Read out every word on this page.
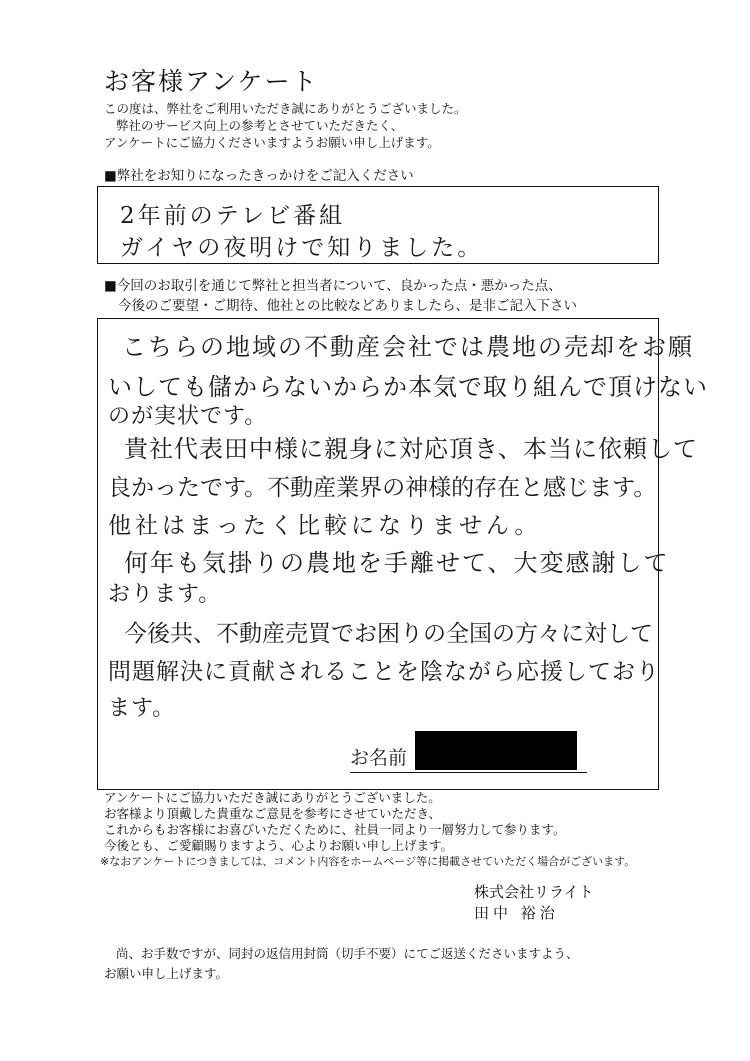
お客様アンケート
この度は、弊社をご利用いただき誠にありがとうございました。
弊社のサービス向上の参考とさせていただきたく、
アンケートにご協力くださいますようお願い申し上げます。
■弊社をお知りになったきっかけをご記入ください
2年前のテレビ番組
ガイヤの夜明けで知りました。
■今回のお取引を通じて弊社と担当者について、良かった点・悪かった点、
今後のご要望・ご期待、他社との比較などありましたら、是非ご記入下さい
こちらの地域の不動産会社では農地の売却をお願
いしても儲からないからか本気で取り組んで頂けない
のが実状です。
貴社代表田中様に親身に対応頂き、本当に依頼して
良かったです。不動産業界の神様的存在と感じます。
他社はまったく比較になりません。
何年も気掛りの農地を手離せて、大変感謝して
おります。
今後共、不動産売買でお困りの全国の方々に対して
問題解決に貢献されることを陰ながら応援しており
ます。
お名前
アンケートにご協力いただき誠にありがとうございました。
お客様より頂戴した貴重なご意見を参考にさせていただき、
これからもお客様にお喜びいただくために、社員一同より一層努力して参ります。
今後とも、ご愛顧賜りますよう、心よりお願い申し上げます。
※なおアンケートにつきましては、コメント内容をホームページ等に掲載させていただく場合がございます。
株式会社リライト
田中 裕治
尚、お手数ですが、同封の返信用封筒（切手不要）にてご返送くださいますよう、
お願い申し上げます。
